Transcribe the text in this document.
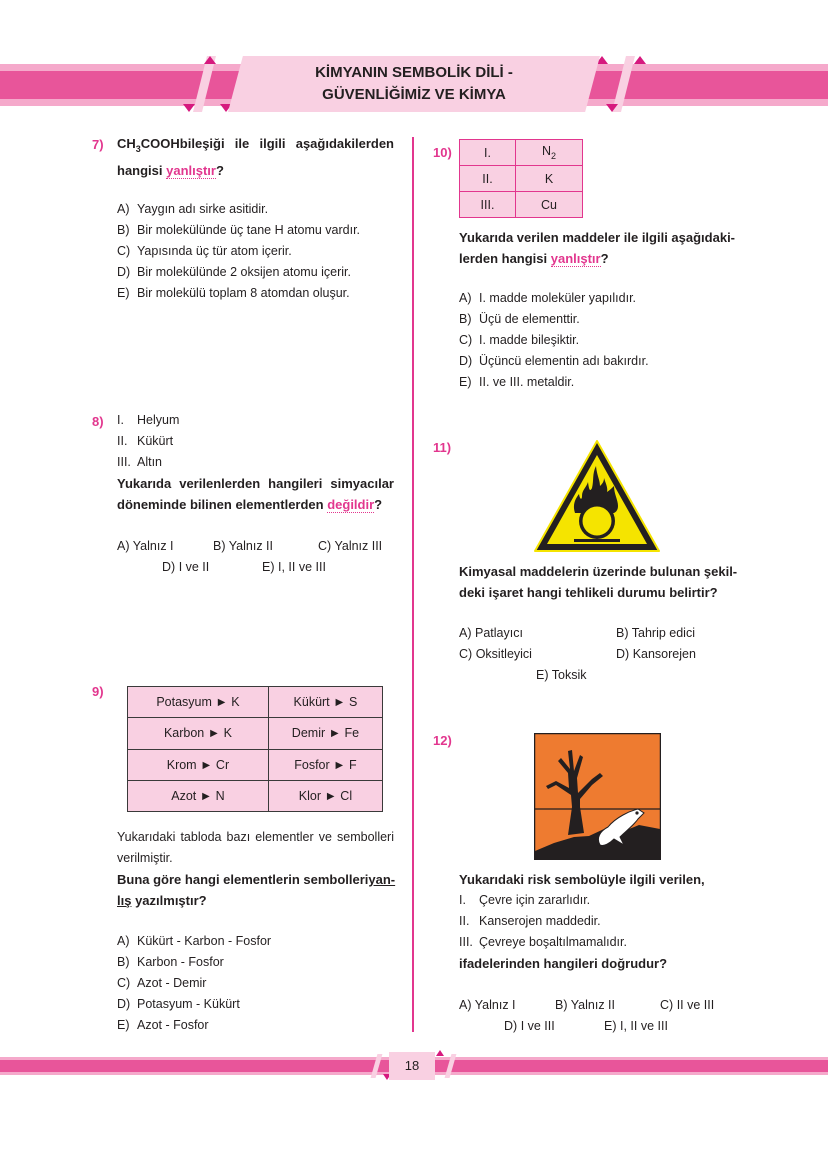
KİMYANIN SEMBOLİK DİLİ -
GÜVENLİĞİMİZ VE KİMYA
7) $CH_3COOH$ bileşiği ile ilgili aşağıdakilerden
hangisi yanlıştır?
A) Yaygın adı sirke asitidir.
B) Bir molekülünde üç tane H atomu vardır.
C) Yapısında üç tür atom içerir.
D) Bir molekülünde 2 oksijen atomu içerir.
E) Bir molekülü toplam 8 atomdan oluşur.
8) I. Helyum
II. Kükürt
III. Altın
Yukarıda verilenlerden hangileri simyacılar
döneminde bilinen elementlerden değildir?
A) Yalnız I	B) Yalnız II	C) Yalnız III
D) I ve II	E) I, II ve III
9)
Potasyum ► K	Kükürt ► S
Karbon ► K	Demir ► Fe
Krom ► Cr	Fosfor ► F
Azot ► N	Klor ► Cl
Yukarıdaki tabloda bazı elementler ve sembolleri
verilmiştir.
Buna göre hangi elementlerin sembolleri yan-
lış yazılmıştır?
A) Kükürt - Karbon - Fosfor
B) Karbon - Fosfor
C) Azot - Demir
D) Potasyum - Kükürt
E) Azot - Fosfor
10)	I.	$N_2$
II.	K
III.	Cu
Yukarıda verilen maddeler ile ilgili aşağıdaki-
lerden hangisi yanlıştır?
A) I. madde moleküler yapılıdır.
B) Üçü de elementtir.
C) I. madde bileşiktir.
D) Üçüncü elementin adı bakırdır.
E) II. ve III. metaldir.
11)
Kimyasal maddelerin üzerinde bulunan şekil-
deki işaret hangi tehlikeli durumu belirtir?
A) Patlayıcı	B) Tahrip edici
C) Oksitleyici	D) Kansorejen
E) Toksik
12)
Yukarıdaki risk sembolüyle ilgili verilen,
I. Çevre için zararlıdır.
II. Kanserojen maddedir.
III. Çevreye boşaltılmamalıdır.
ifadelerinden hangileri doğrudur?
A) Yalnız I	B) Yalnız II	C) II ve III
D) I ve III	E) I, II ve III
18
